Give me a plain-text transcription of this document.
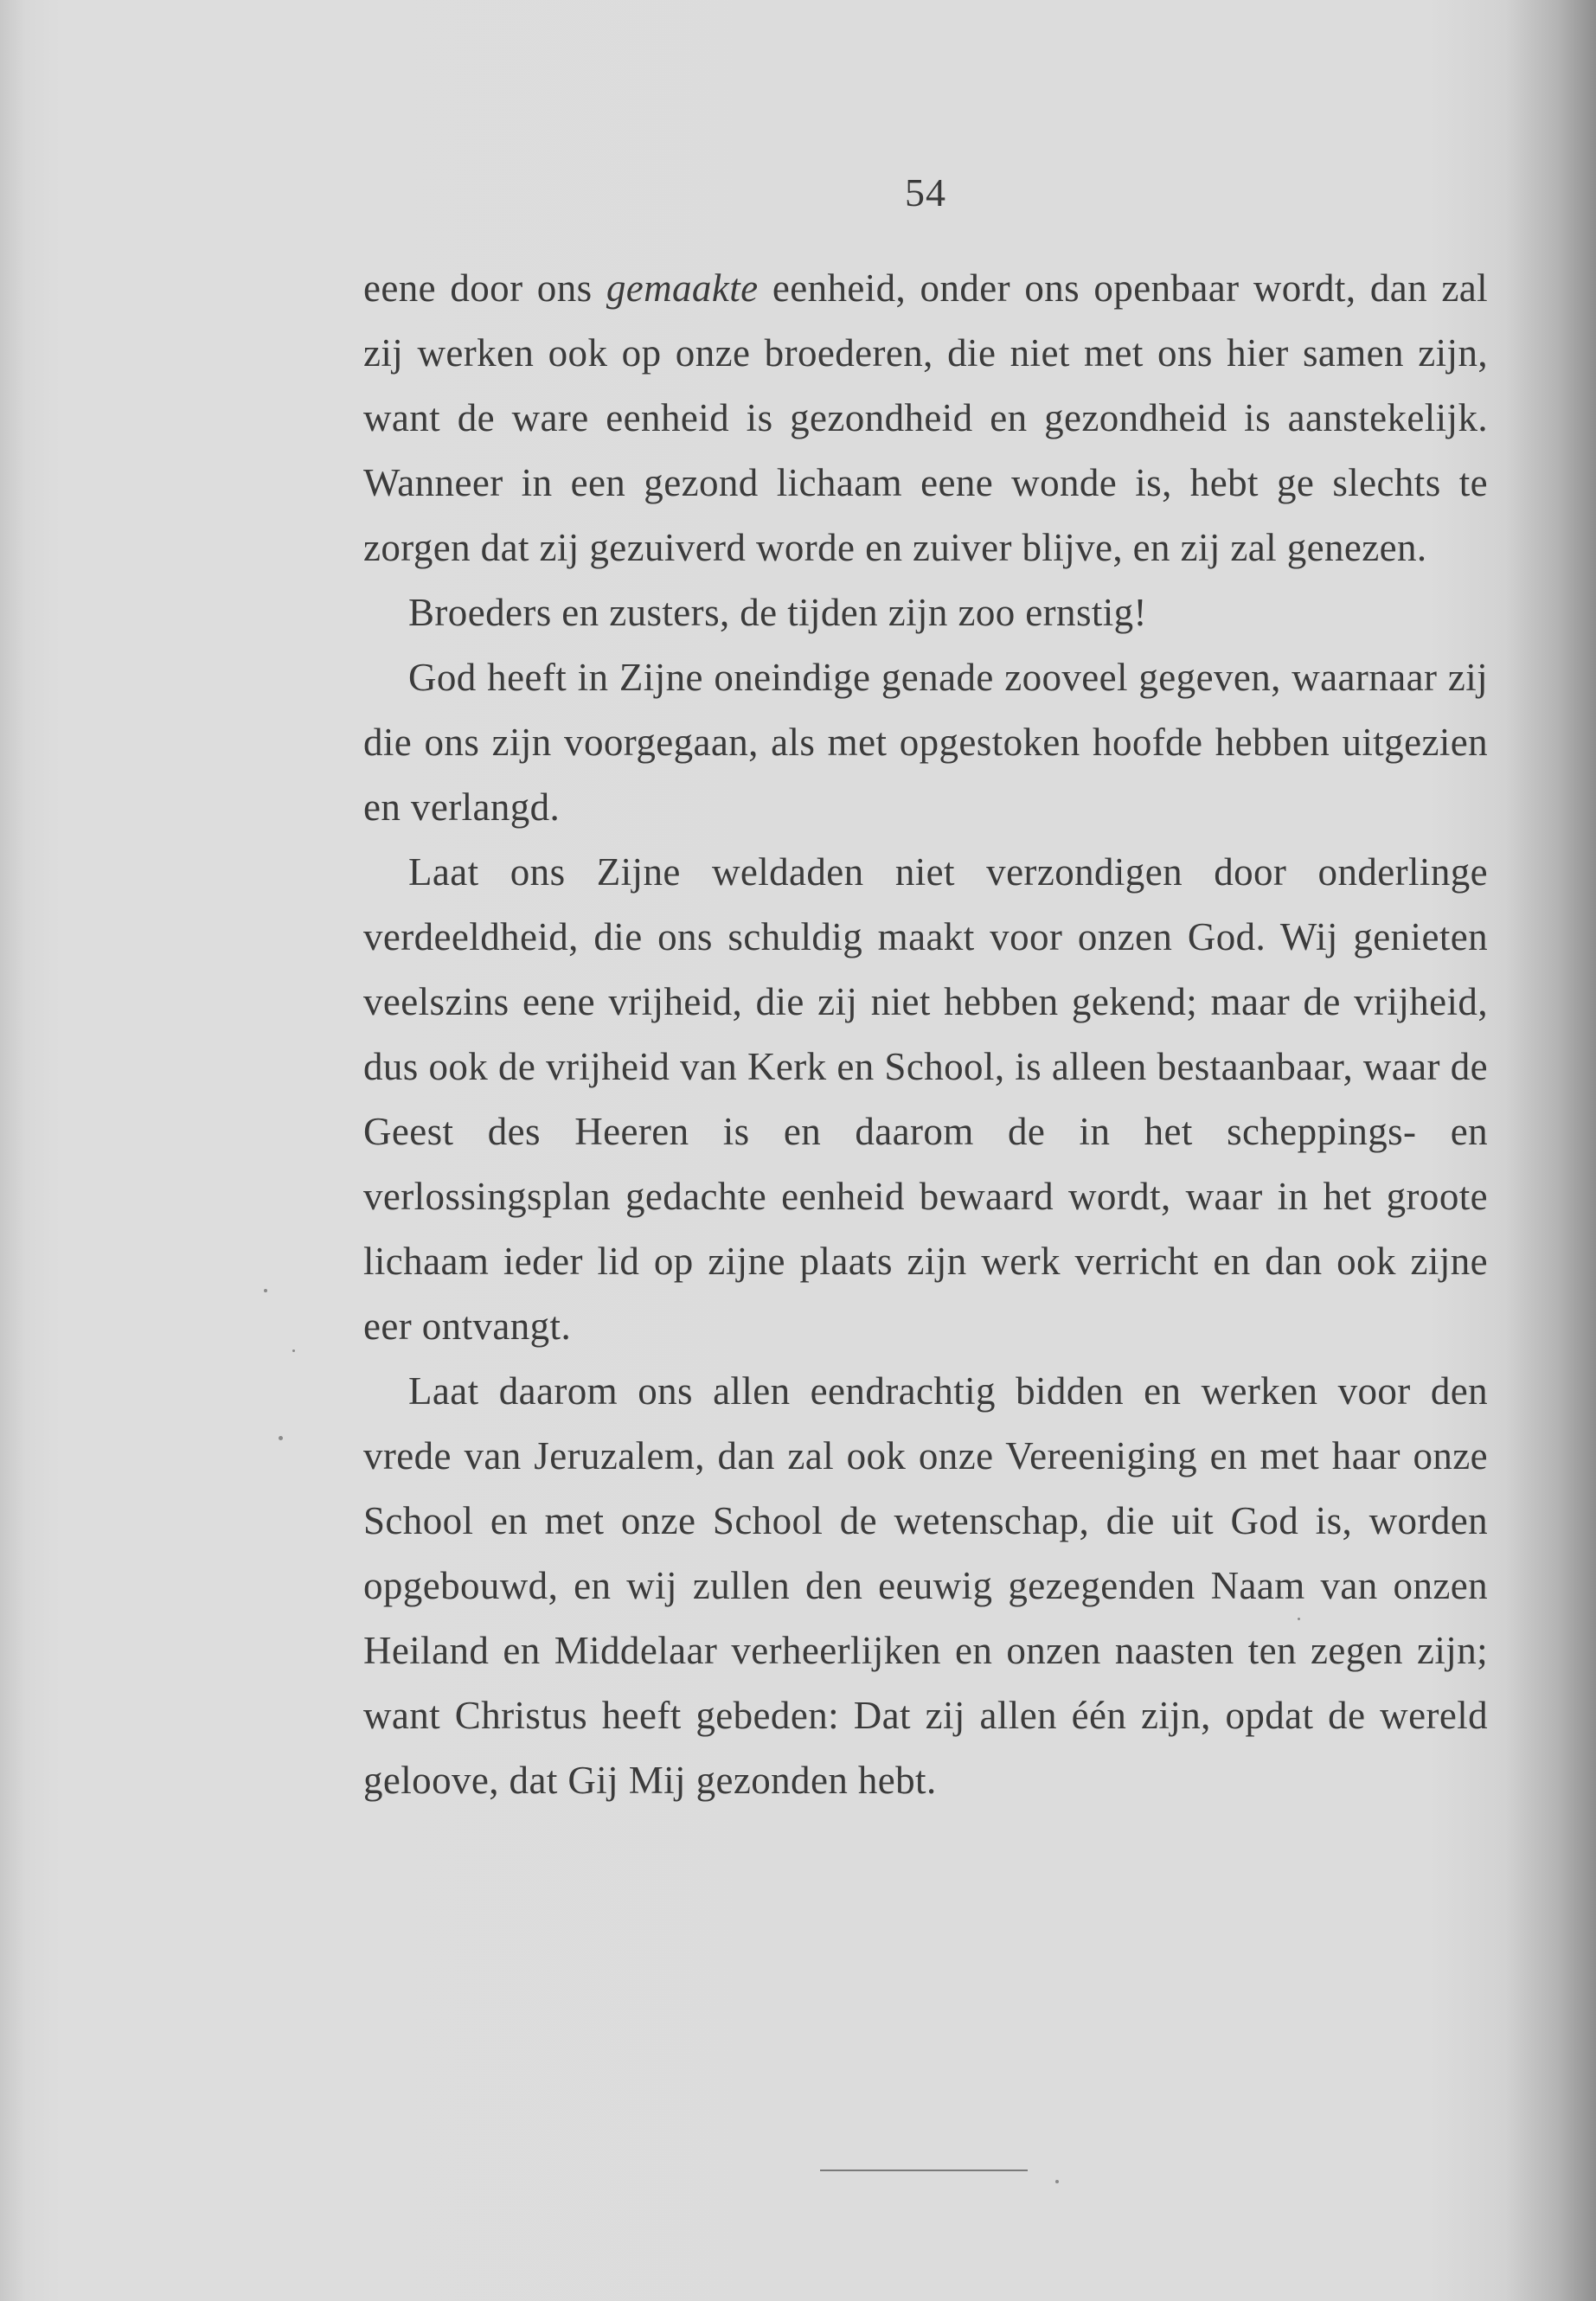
54

eene door ons gemaakte eenheid, onder ons openbaar wordt, dan zal zij werken ook op onze broederen, die niet met ons hier samen zijn, want de ware eenheid is gezondheid en gezondheid is aanstekelijk. Wanneer in een gezond lichaam eene wonde is, hebt ge slechts te zorgen dat zij gezuiverd worde en zuiver blijve, en zij zal genezen.

Broeders en zusters, de tijden zijn zoo ernstig!

God heeft in Zijne oneindige genade zooveel gegeven, waarnaar zij die ons zijn voorgegaan, als met opgestoken hoofde hebben uitgezien en verlangd.

Laat ons Zijne weldaden niet verzondigen door onderlinge verdeeldheid, die ons schuldig maakt voor onzen God. Wij genieten veelszins eene vrijheid, die zij niet hebben gekend; maar de vrijheid, dus ook de vrijheid van Kerk en School, is alleen bestaanbaar, waar de Geest des Heeren is en daarom de in het scheppings- en verlossingsplan gedachte eenheid bewaard wordt, waar in het groote lichaam ieder lid op zijne plaats zijn werk verricht en dan ook zijne eer ontvangt.

Laat daarom ons allen eendrachtig bidden en werken voor den vrede van Jeruzalem, dan zal ook onze Vereeniging en met haar onze School en met onze School de wetenschap, die uit God is, worden opgebouwd, en wij zullen den eeuwig gezegenden Naam van onzen Heiland en Middelaar verheerlijken en onzen naasten ten zegen zijn; want Christus heeft gebeden: Dat zij allen één zijn, opdat de wereld geloove, dat Gij Mij gezonden hebt.
